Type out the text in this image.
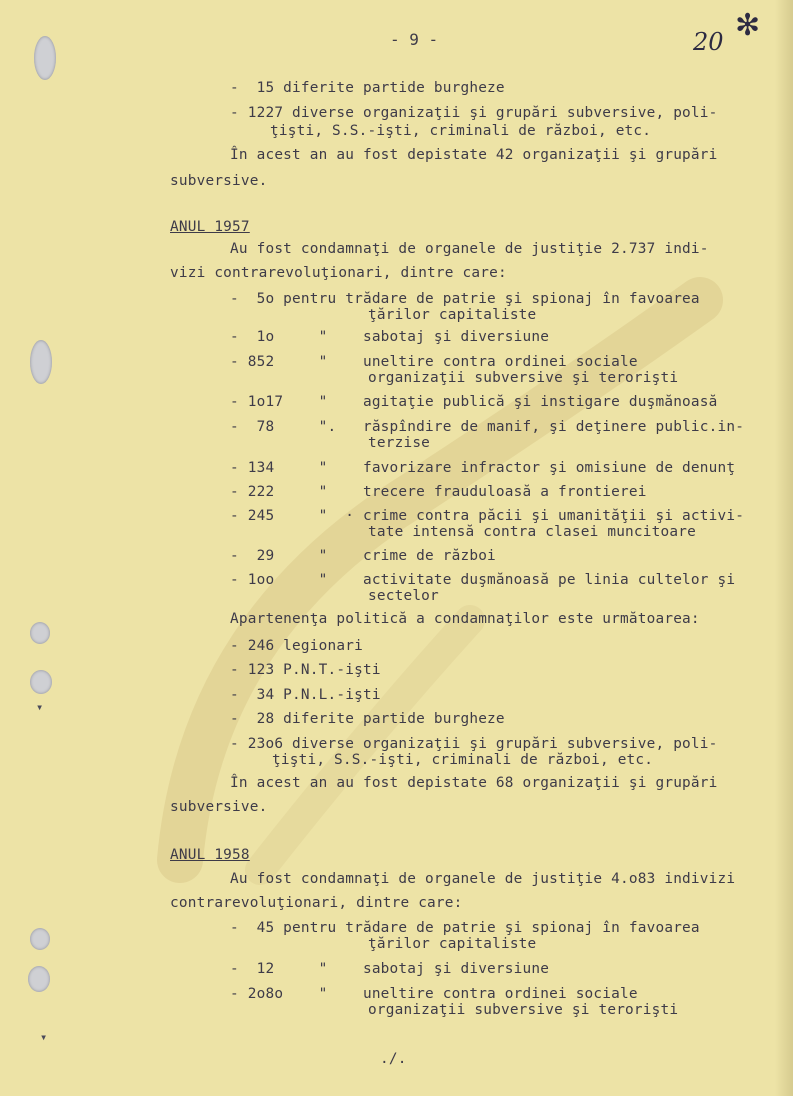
- 9 -	20 ✻
-  15 diferite partide burgheze
- 1227 diverse organizaţii şi grupări subversive, poli-
ţişti, S.S.-işti, criminali de război, etc.
În acest an au fost depistate 42 organizaţii şi grupări
subversive.
ANUL 1957
Au fost condamnaţi de organele de justiţie 2.737 indi-
vizi contrarevoluţionari, dintre care:
-  5o pentru trădare de patrie şi spionaj în favoarea
ţărilor capitaliste
-  1o     "    sabotaj şi diversiune
- 852     "    uneltire contra ordinei sociale
organizaţii subversive şi terorişti
- 1o17    "    agitaţie publică şi instigare duşmănoasă
-  78     ".   răspîndire de manif, şi deţinere public.in-
terzise
- 134     "    favorizare infractor şi omisiune de denunţ
- 222     "    trecere frauduloasă a frontierei
- 245     "  · crime contra păcii şi umanităţii şi activi-
tate intensă contra clasei muncitoare
-  29     "    crime de război
- 1oo     "    activitate duşmănoasă pe linia cultelor şi
sectelor
Apartenenţa politică a condamnaţilor este următoarea:
- 246 legionari
- 123 P.N.T.-işti
-  34 P.N.L.-işti
-  28 diferite partide burgheze
- 23o6 diverse organizaţii şi grupări subversive, poli-
ţişti, S.S.-işti, criminali de război, etc.
În acest an au fost depistate 68 organizaţii şi grupări
subversive.
ANUL 1958
Au fost condamnaţi de organele de justiţie 4.o83 indivizi
contrarevoluţionari, dintre care:
-  45 pentru trădare de patrie şi spionaj în favoarea
ţărilor capitaliste
-  12     "    sabotaj şi diversiune
- 2o8o    "    uneltire contra ordinei sociale
organizaţii subversive şi terorişti
./.
▾
▾
